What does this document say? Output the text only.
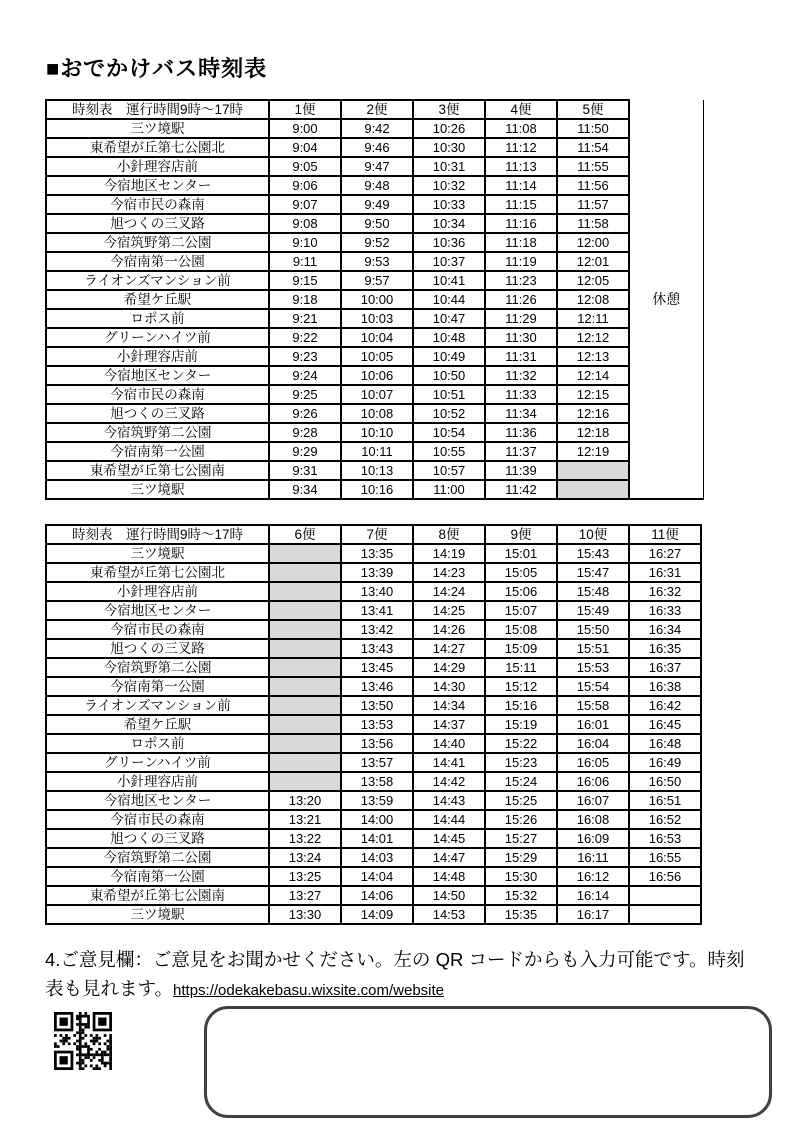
■おでかけバス時刻表
時刻表　運行時間9時～17時	1便	2便	3便	4便	5便	休憩
三ツ境駅	9:00	9:42	10:26	11:08	11:50	
東希望が丘第七公園北	9:04	9:46	10:30	11:12	11:54	
小針理容店前	9:05	9:47	10:31	11:13	11:55	
今宿地区センター	9:06	9:48	10:32	11:14	11:56	
今宿市民の森南	9:07	9:49	10:33	11:15	11:57	
旭つくの三叉路	9:08	9:50	10:34	11:16	11:58	
今宿筑野第二公園	9:10	9:52	10:36	11:18	12:00	
今宿南第一公園	9:11	9:53	10:37	11:19	12:01	
ライオンズマンション前	9:15	9:57	10:41	11:23	12:05	
希望ケ丘駅	9:18	10:00	10:44	11:26	12:08	
ロポス前	9:21	10:03	10:47	11:29	12:11	
グリーンハイツ前	9:22	10:04	10:48	11:30	12:12	
小針理容店前	9:23	10:05	10:49	11:31	12:13	
今宿地区センター	9:24	10:06	10:50	11:32	12:14	
今宿市民の森南	9:25	10:07	10:51	11:33	12:15	
旭つくの三叉路	9:26	10:08	10:52	11:34	12:16	
今宿筑野第二公園	9:28	10:10	10:54	11:36	12:18	
今宿南第一公園	9:29	10:11	10:55	11:37	12:19	
東希望が丘第七公園南	9:31	10:13	10:57	11:39		
三ツ境駅	9:34	10:16	11:00	11:42		
時刻表　運行時間9時～17時	6便	7便	8便	9便	10便	11便
三ツ境駅		13:35	14:19	15:01	15:43	16:27
東希望が丘第七公園北		13:39	14:23	15:05	15:47	16:31
小針理容店前		13:40	14:24	15:06	15:48	16:32
今宿地区センター		13:41	14:25	15:07	15:49	16:33
今宿市民の森南		13:42	14:26	15:08	15:50	16:34
旭つくの三叉路		13:43	14:27	15:09	15:51	16:35
今宿筑野第二公園		13:45	14:29	15:11	15:53	16:37
今宿南第一公園		13:46	14:30	15:12	15:54	16:38
ライオンズマンション前		13:50	14:34	15:16	15:58	16:42
希望ケ丘駅		13:53	14:37	15:19	16:01	16:45
ロポス前		13:56	14:40	15:22	16:04	16:48
グリーンハイツ前		13:57	14:41	15:23	16:05	16:49
小針理容店前		13:58	14:42	15:24	16:06	16:50
今宿地区センター	13:20	13:59	14:43	15:25	16:07	16:51
今宿市民の森南	13:21	14:00	14:44	15:26	16:08	16:52
旭つくの三叉路	13:22	14:01	14:45	15:27	16:09	16:53
今宿筑野第二公園	13:24	14:03	14:47	15:29	16:11	16:55
今宿南第一公園	13:25	14:04	14:48	15:30	16:12	16:56
東希望が丘第七公園南	13:27	14:06	14:50	15:32	16:14	
三ツ境駅	13:30	14:09	14:53	15:35	16:17	

4.ご意見欄：ご意見をお聞かせください。左の QR コードからも入力可能です。時刻表も見れます。https://odekakebasu.wixsite.com/website
